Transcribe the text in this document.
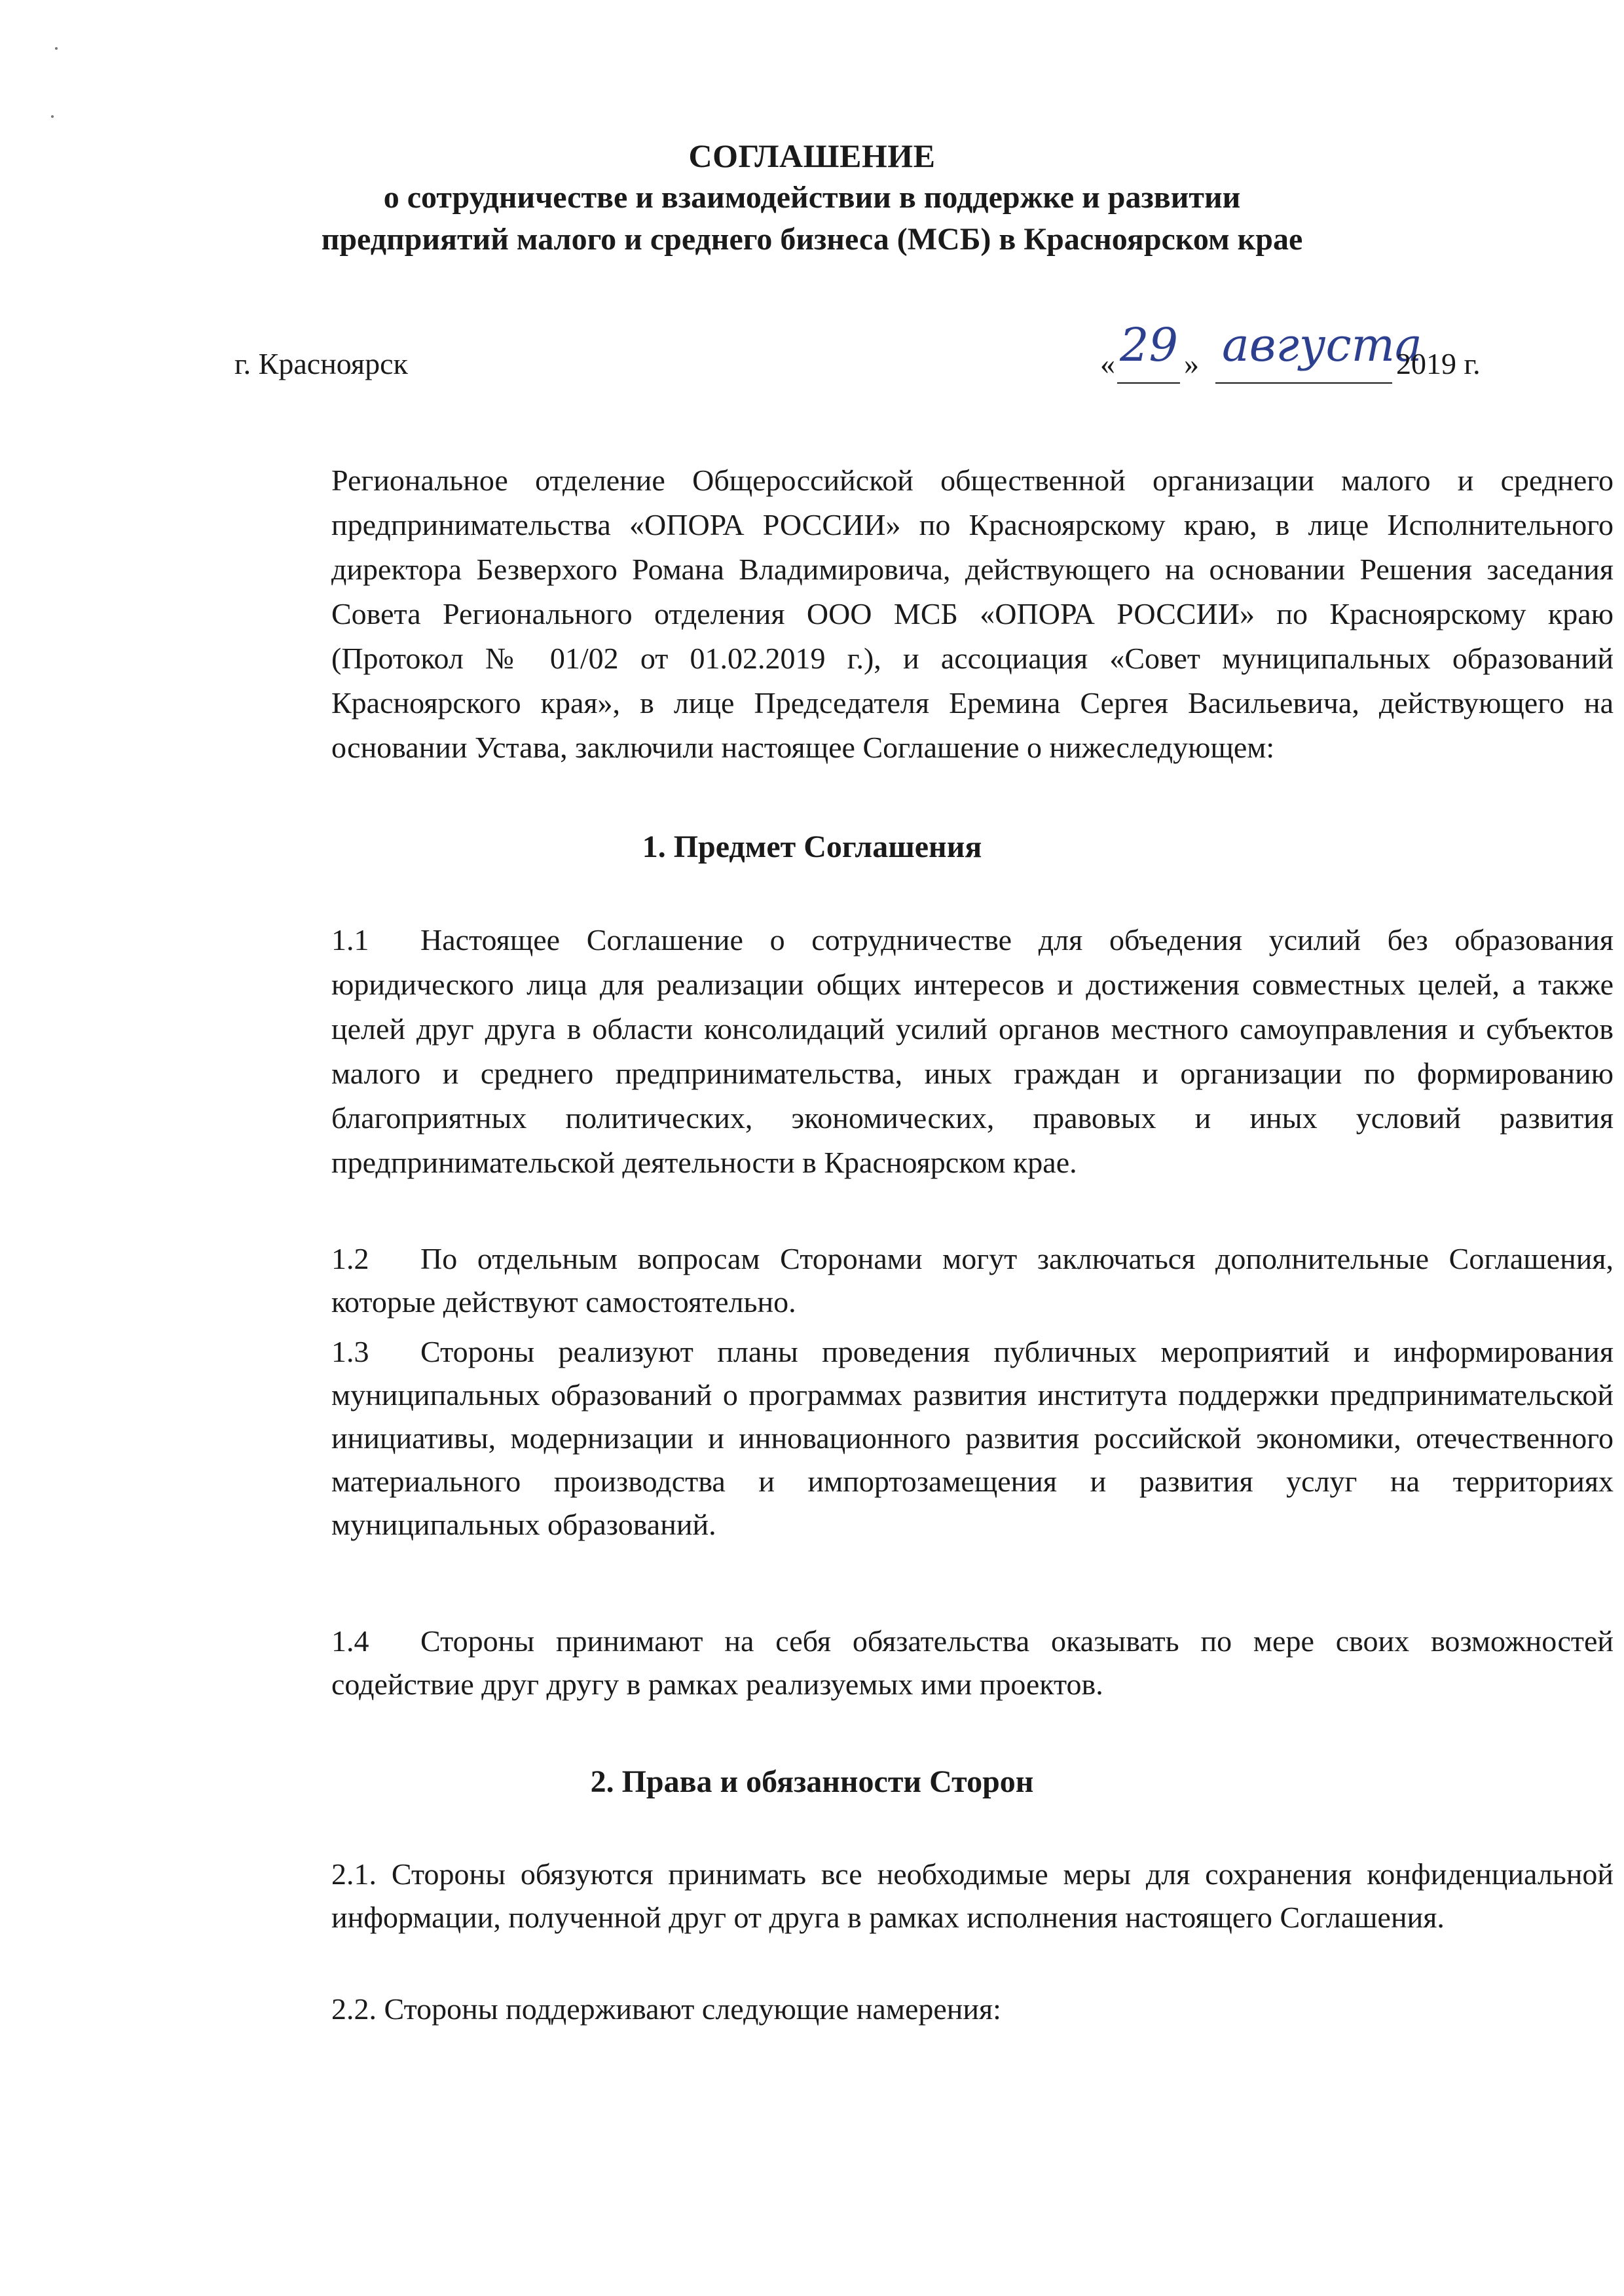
СОГЛАШЕНИЕ
о сотрудничестве и взаимодействии в поддержке и развитии
предприятий малого и среднего бизнеса (МСБ) в Красноярском крае
г. Красноярск	« 29 » августа
2019 г.
Региональное отделение Общероссийской общественной организации малого и среднего предпринимательства «ОПОРА РОССИИ» по Красноярскому краю, в лице Исполнительного директора Безверхого Романа Владимировича, действующего на основании Решения заседания Совета Регионального отделения ООО МСБ «ОПОРА РОССИИ» по Красноярскому краю (Протокол № 01/02 от 01.02.2019 г.), и ассоциация «Совет муниципальных образований Красноярского края», в лице Председателя Еремина Сергея Васильевича, действующего на основании Устава, заключили настоящее Соглашение о нижеследующем:
1. Предмет Соглашения
1.1 Настоящее Соглашение о сотрудничестве для объедения усилий без образования юридического лица для реализации общих интересов и достижения совместных целей, а также целей друг друга в области консолидаций усилий органов местного самоуправления и субъектов малого и среднего предпринимательства, иных граждан и организации по формированию благоприятных политических, экономических, правовых и иных условий развития предпринимательской деятельности в Красноярском крае.
1.2 По отдельным вопросам Сторонами могут заключаться дополнительные Соглашения, которые действуют самостоятельно.
1.3 Стороны реализуют планы проведения публичных мероприятий и информирования муниципальных образований о программах развития института поддержки предпринимательской инициативы, модернизации и инновационного развития российской экономики, отечественного материального производства и импортозамещения и развития услуг на территориях муниципальных образований.
1.4 Стороны принимают на себя обязательства оказывать по мере своих возможностей содействие друг другу в рамках реализуемых ими проектов.
2. Права и обязанности Сторон
2.1. Стороны обязуются принимать все необходимые меры для сохранения конфиденциальной информации, полученной друг от друга в рамках исполнения настоящего Соглашения.
2.2. Стороны поддерживают следующие намерения:
